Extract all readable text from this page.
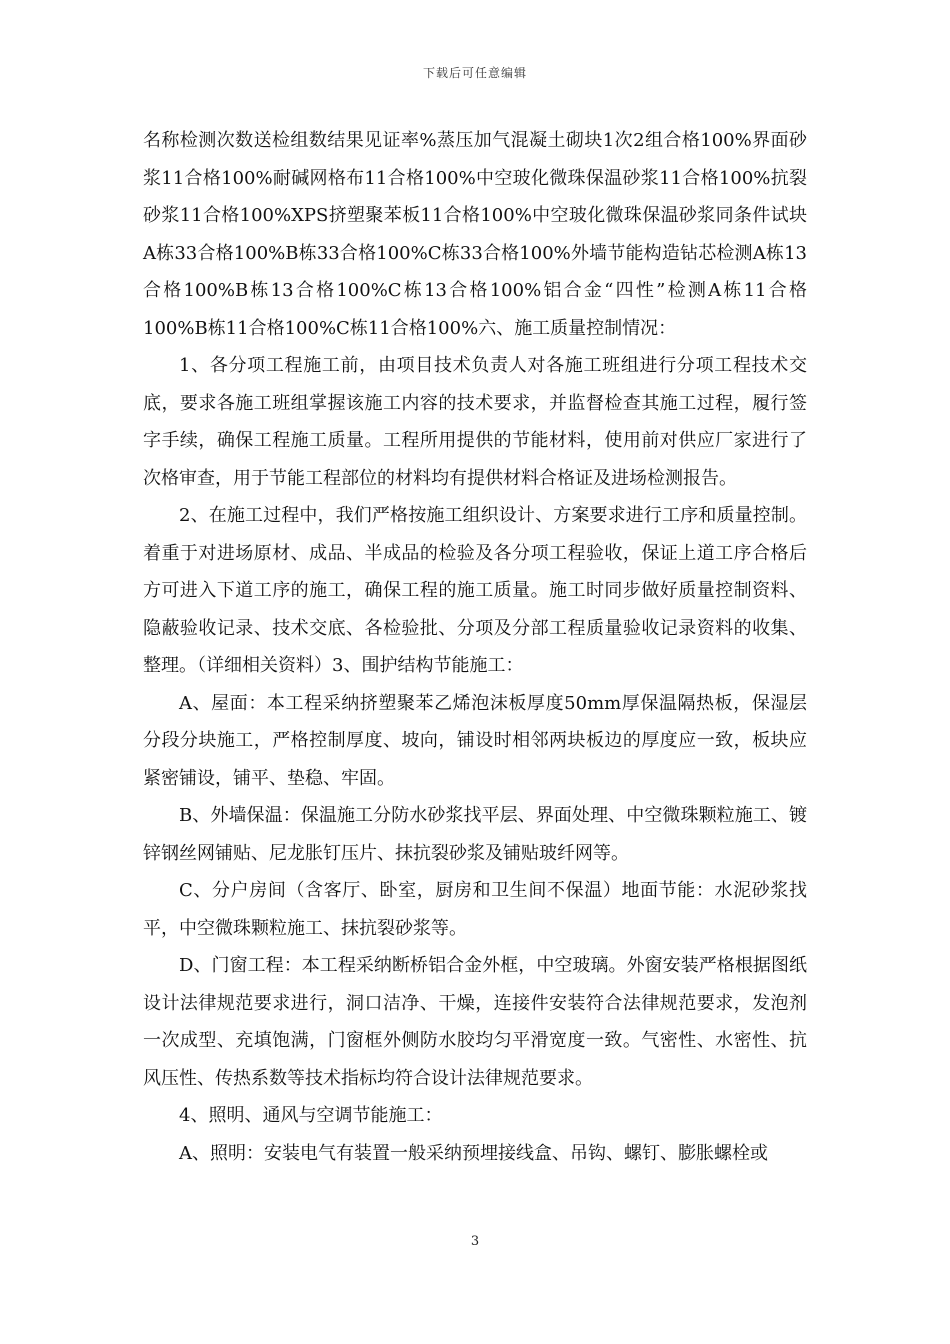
下载后可任意编辑

名称检测次数送检组数结果见证率%蒸压加气混凝土砌块1次2组合格100%界面砂浆11合格100%耐碱网格布11合格100%中空玻化微珠保温砂浆11合格100%抗裂砂浆11合格100%XPS挤塑聚苯板11合格100%中空玻化微珠保温砂浆同条件试块A栋33合格100%B栋33合格100%C栋33合格100%外墙节能构造钻芯检测A栋13合格100%B栋13合格100%C栋13合格100%铝合金“四性”检测A栋11合格100%B栋11合格100%C栋11合格100%六、施工质量控制情况：

1、各分项工程施工前，由项目技术负责人对各施工班组进行分项工程技术交底，要求各施工班组掌握该施工内容的技术要求，并监督检查其施工过程，履行签字手续，确保工程施工质量。工程所用提供的节能材料，使用前对供应厂家进行了次格审查，用于节能工程部位的材料均有提供材料合格证及进场检测报告。

2、在施工过程中，我们严格按施工组织设计、方案要求进行工序和质量控制。着重于对进场原材、成品、半成品的检验及各分项工程验收，保证上道工序合格后方可进入下道工序的施工，确保工程的施工质量。施工时同步做好质量控制资料、隐蔽验收记录、技术交底、各检验批、分项及分部工程质量验收记录资料的收集、整理。（详细相关资料）3、围护结构节能施工：

A、屋面：本工程采纳挤塑聚苯乙烯泡沫板厚度50mm厚保温隔热板，保湿层分段分块施工，严格控制厚度、坡向，铺设时相邻两块板边的厚度应一致，板块应紧密铺设，铺平、垫稳、牢固。

B、外墙保温：保温施工分防水砂浆找平层、界面处理、中空微珠颗粒施工、镀锌钢丝网铺贴、尼龙胀钉压片、抹抗裂砂浆及铺贴玻纤网等。

C、分户房间（含客厅、卧室，厨房和卫生间不保温）地面节能：水泥砂浆找平，中空微珠颗粒施工、抹抗裂砂浆等。

D、门窗工程：本工程采纳断桥铝合金外框，中空玻璃。外窗安装严格根据图纸设计法律规范要求进行，洞口洁净、干燥，连接件安装符合法律规范要求，发泡剂一次成型、充填饱满，门窗框外侧防水胶均匀平滑宽度一致。气密性、水密性、抗风压性、传热系数等技术指标均符合设计法律规范要求。

4、照明、通风与空调节能施工：

A、照明：安装电气有装置一般采纳预埋接线盒、吊钩、螺钉、膨胀螺栓或

3
